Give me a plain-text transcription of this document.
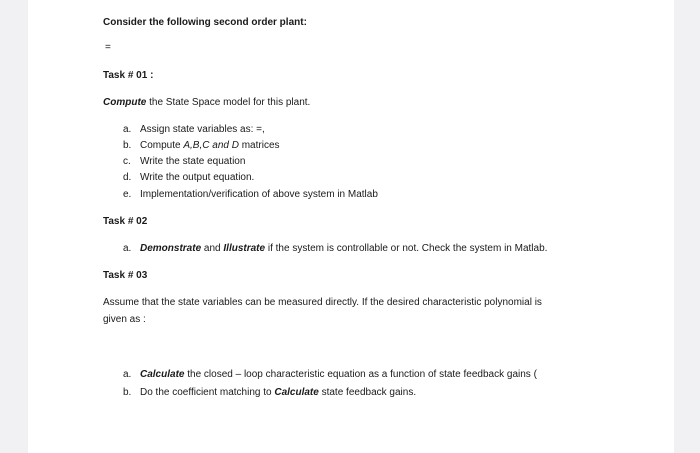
Consider the following second order plant:
=
Task # 01 :
Compute the State Space model for this plant.
a. Assign state variables as: =,
b. Compute A,B,C and D matrices
c. Write the state equation
d. Write the output equation.
e. Implementation/verification of above system in Matlab
Task # 02
a. Demonstrate and Illustrate if the system is controllable or not. Check the system in Matlab.
Task # 03
Assume that the state variables can be measured directly. If the desired characteristic polynomial is
given as :
a. Calculate the closed – loop characteristic equation as a function of state feedback gains (
b. Do the coefficient matching to Calculate state feedback gains.
